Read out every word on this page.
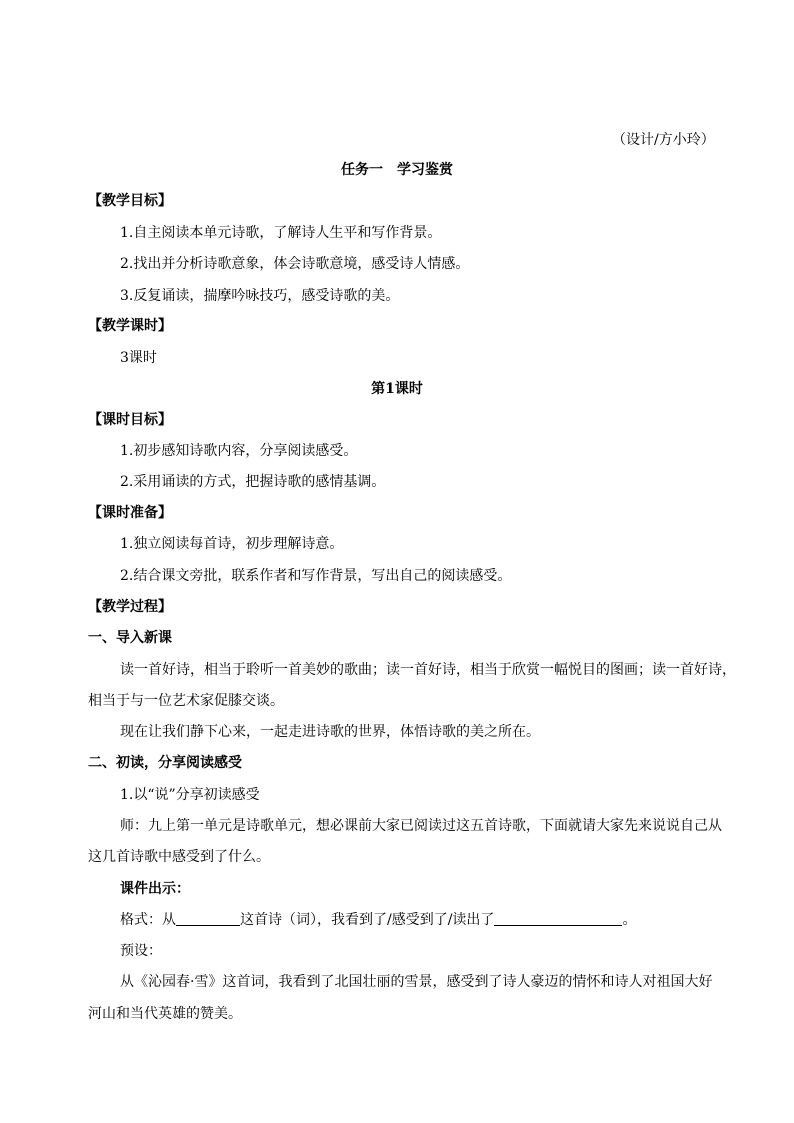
（设计/方小玲）
任务一　学习鉴赏
【教学目标】
1.自主阅读本单元诗歌，了解诗人生平和写作背景。
2.找出并分析诗歌意象，体会诗歌意境，感受诗人情感。
3.反复诵读，揣摩吟咏技巧，感受诗歌的美。
【教学课时】
3课时
第1课时
【课时目标】
1.初步感知诗歌内容，分享阅读感受。
2.采用诵读的方式，把握诗歌的感情基调。
【课时准备】
1.独立阅读每首诗，初步理解诗意。
2.结合课文旁批，联系作者和写作背景，写出自己的阅读感受。
【教学过程】
一、导入新课
读一首好诗，相当于聆听一首美妙的歌曲；读一首好诗，相当于欣赏一幅悦目的图画；读一首好诗，
相当于与一位艺术家促膝交谈。
现在让我们静下心来，一起走进诗歌的世界，体悟诗歌的美之所在。
二、初读，分享阅读感受
1.以“说”分享初读感受
师：九上第一单元是诗歌单元，想必课前大家已阅读过这五首诗歌，下面就请大家先来说说自己从
这几首诗歌中感受到了什么。
课件出示：
格式：从	这首诗（词），我看到了/感受到了/读出了	。
预设：
从《沁园春·雪》这首词，我看到了北国壮丽的雪景，感受到了诗人豪迈的情怀和诗人对祖国大好
河山和当代英雄的赞美。
